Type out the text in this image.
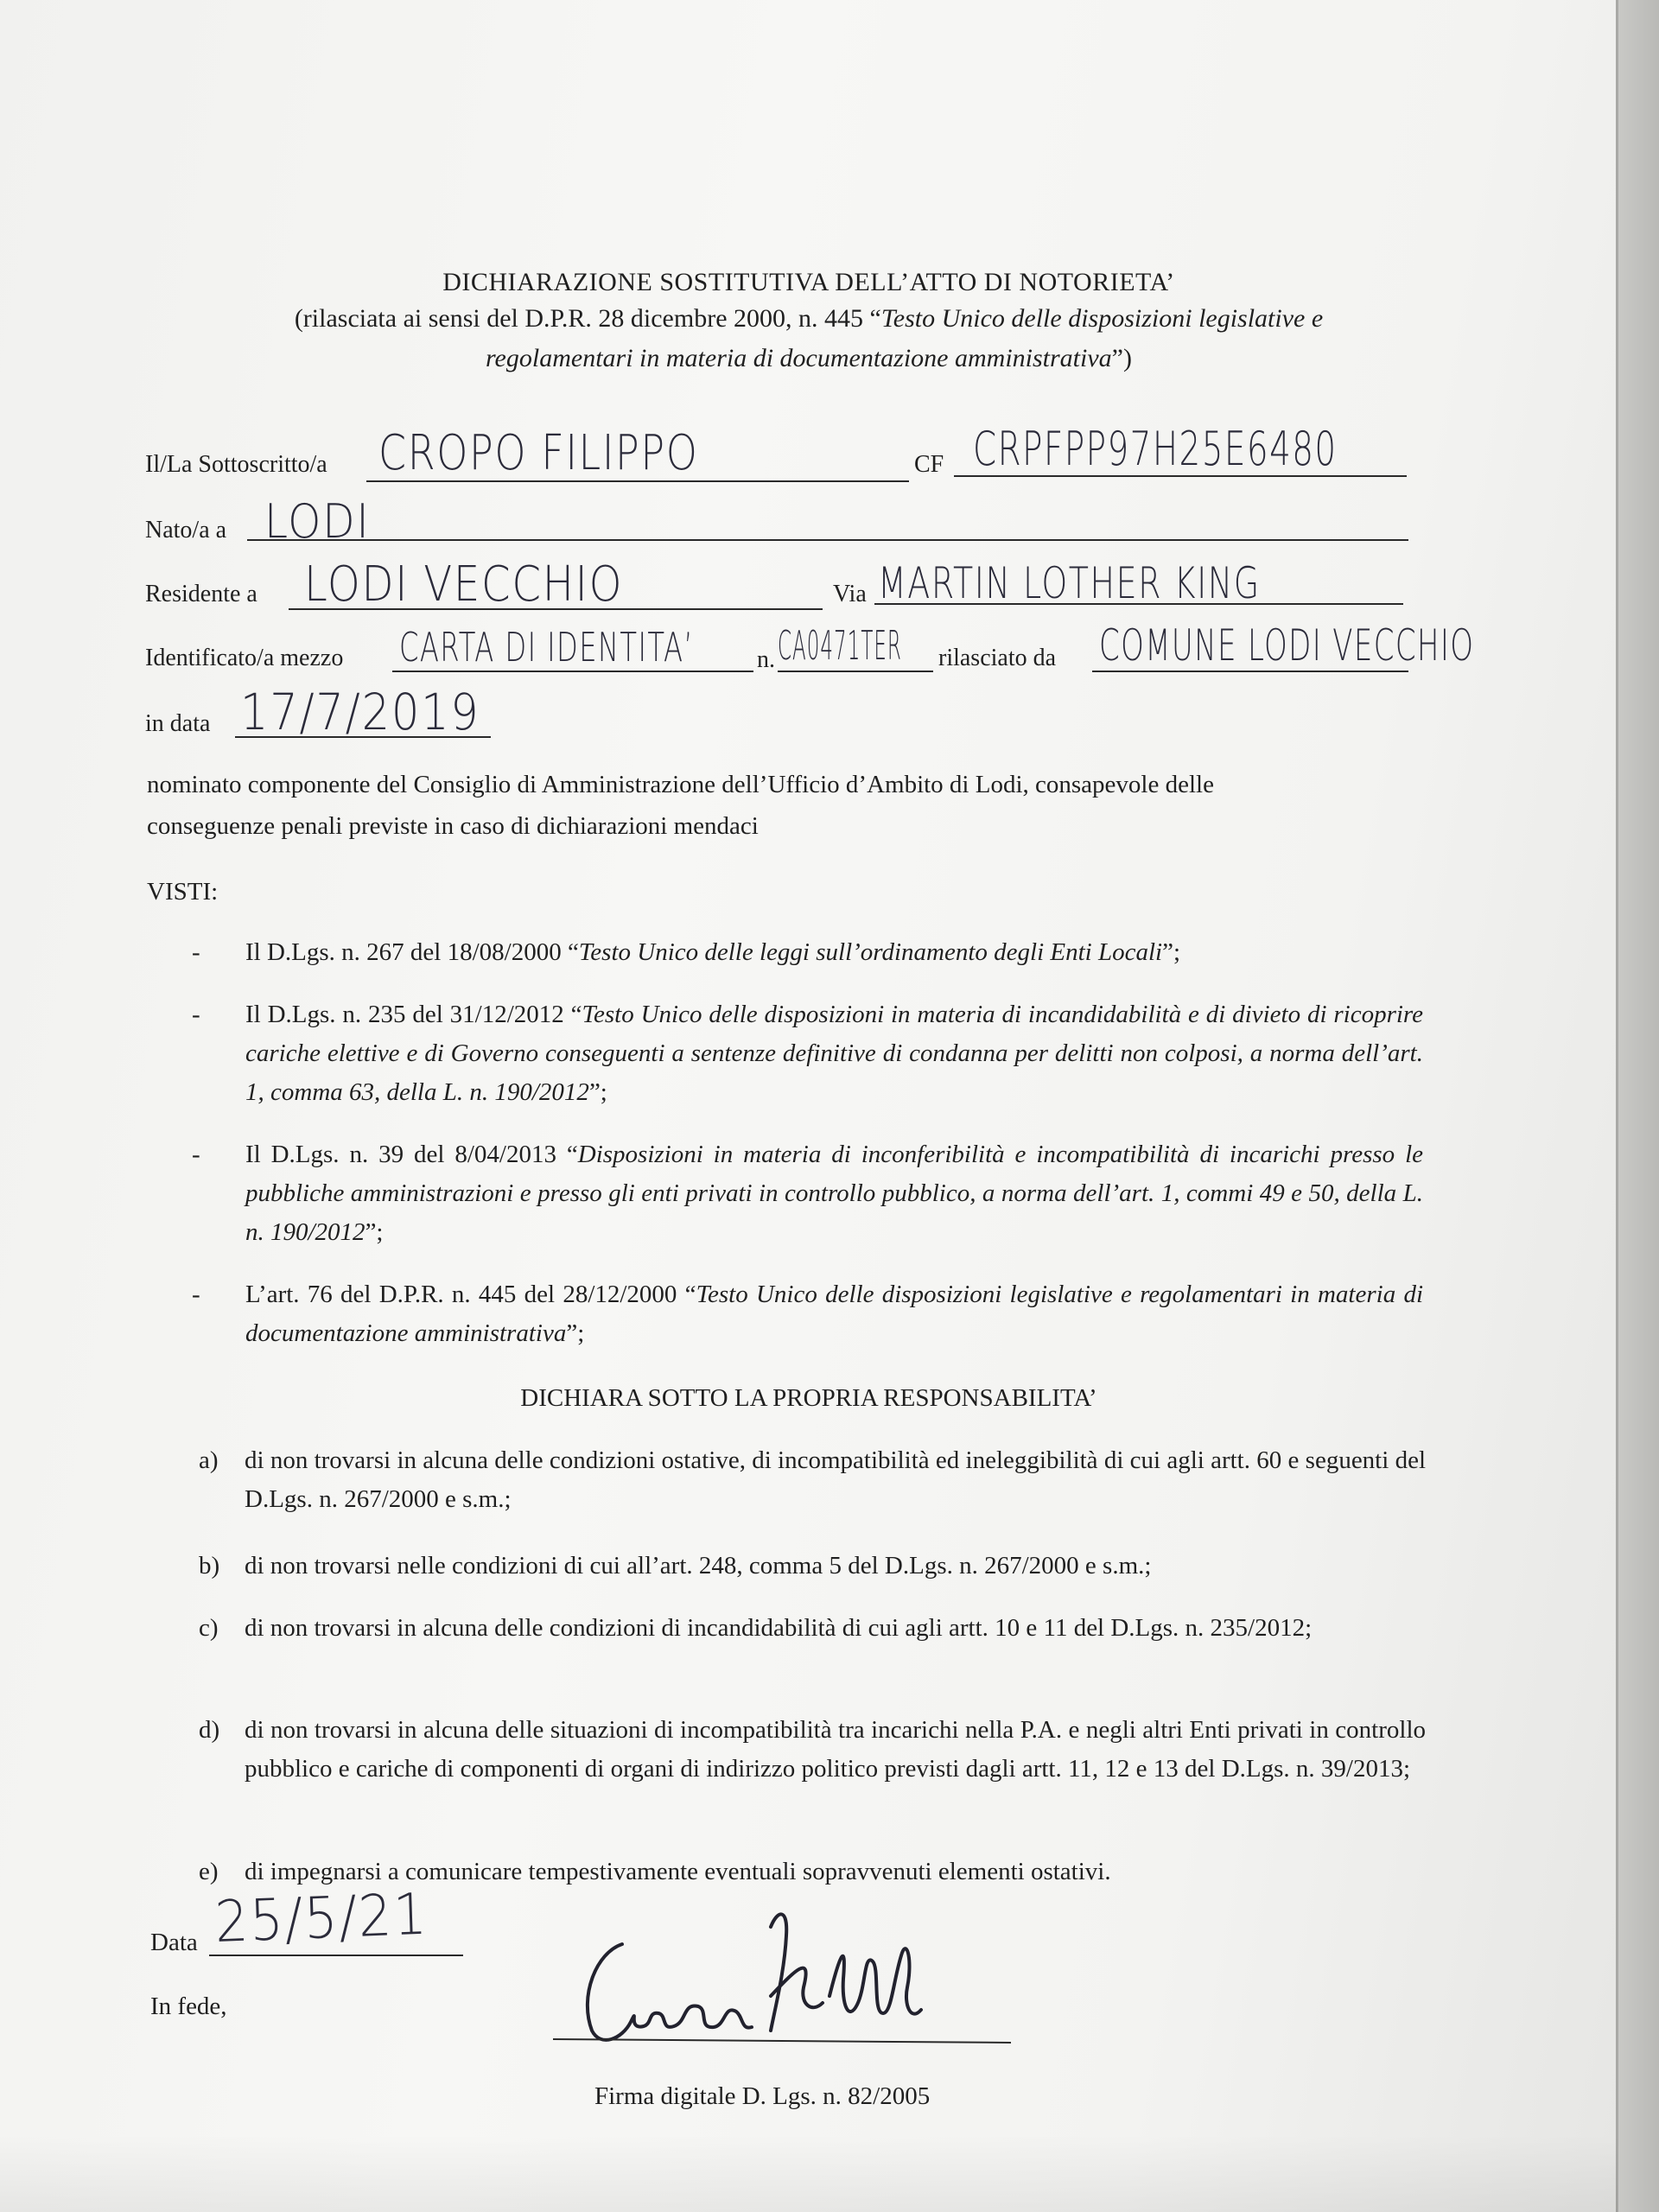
DICHIARAZIONE SOSTITUTIVA DELL’ATTO DI NOTORIETA’
(rilasciata ai sensi del D.P.R. 28 dicembre 2000, n. 445 “Testo Unico delle disposizioni legislative e
regolamentari in materia di documentazione amministrativa”)
Il/La Sottoscritto/a CROPO FILIPPO	CF CRPFPP97H25E6480
Nato/a a LODI
Residente a LODI VECCHIO	Via MARTIN LOTHER KING
Identificato/a mezzo CARTA DI IDENTITA’	n. CA0471TER rilasciato da COMUNE LODI VECCHIO
in data 17/7/2019
nominato componente del Consiglio di Amministrazione dell’Ufficio d’Ambito di Lodi, consapevole delle
conseguenze penali previste in caso di dichiarazioni mendaci
VISTI:
- Il D.Lgs. n. 267 del 18/08/2000 “Testo Unico delle leggi sull’ordinamento degli Enti Locali”;
- Il D.Lgs. n. 235 del 31/12/2012 “Testo Unico delle disposizioni in materia di incandidabilità e di divieto di ricoprire cariche elettive e di Governo conseguenti a sentenze definitive di condanna per delitti non colposi, a norma dell’art. 1, comma 63, della L. n. 190/2012”;
- Il D.Lgs. n. 39 del 8/04/2013 “Disposizioni in materia di inconferibilità e incompatibilità di incarichi presso le pubbliche amministrazioni e presso gli enti privati in controllo pubblico, a norma dell’art. 1, commi 49 e 50, della L. n. 190/2012”;
- L’art. 76 del D.P.R. n. 445 del 28/12/2000 “Testo Unico delle disposizioni legislative e regolamentari in materia di documentazione amministrativa”;
DICHIARA SOTTO LA PROPRIA RESPONSABILITA’
a) di non trovarsi in alcuna delle condizioni ostative, di incompatibilità ed ineleggibilità di cui agli artt. 60 e seguenti del D.Lgs. n. 267/2000 e s.m.;
b) di non trovarsi nelle condizioni di cui all’art. 248, comma 5 del D.Lgs. n. 267/2000 e s.m.;
c) di non trovarsi in alcuna delle condizioni di incandidabilità di cui agli artt. 10 e 11 del D.Lgs. n. 235/2012;
d) di non trovarsi in alcuna delle situazioni di incompatibilità tra incarichi nella P.A. e negli altri Enti privati in controllo pubblico e cariche di componenti di organi di indirizzo politico previsti dagli artt. 11, 12 e 13 del D.Lgs. n. 39/2013;
e) di impegnarsi a comunicare tempestivamente eventuali sopravvenuti elementi ostativi.
Data 25/5/21
In fede,
Firma digitale D. Lgs. n. 82/2005
